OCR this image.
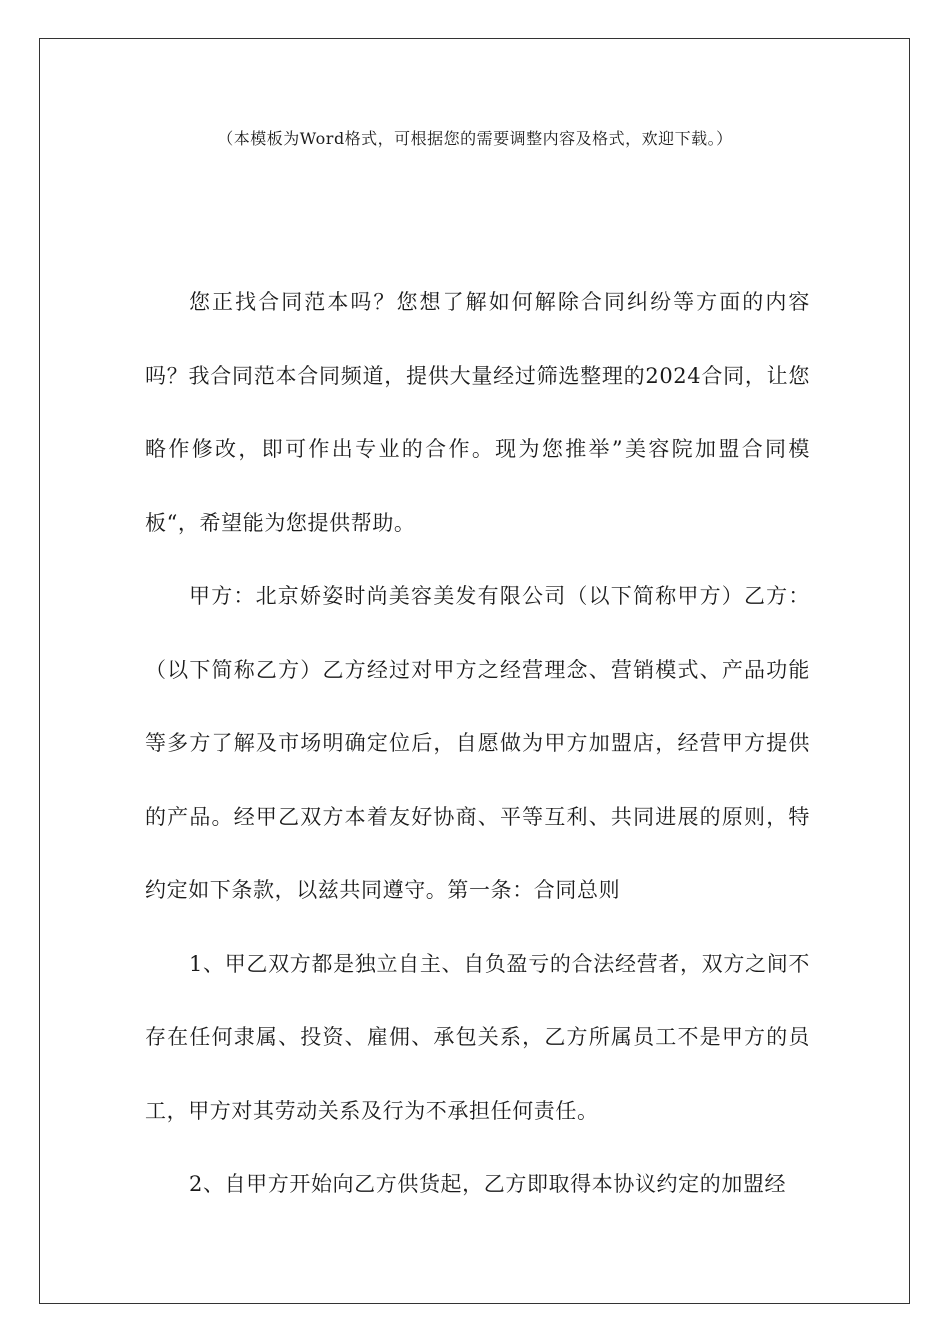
（本模板为Word格式，可根据您的需要调整内容及格式，欢迎下载。）

您正找合同范本吗？您想了解如何解除合同纠纷等方面的内容吗？我合同范本合同频道，提供大量经过筛选整理的2024合同，让您略作修改，即可作出专业的合作。现为您推举”美容院加盟合同模板“，希望能为您提供帮助。

甲方：北京娇姿时尚美容美发有限公司（以下简称甲方）乙方：（以下简称乙方）乙方经过对甲方之经营理念、营销模式、产品功能等多方了解及市场明确定位后，自愿做为甲方加盟店，经营甲方提供的产品。经甲乙双方本着友好协商、平等互利、共同进展的原则，特约定如下条款，以兹共同遵守。第一条：合同总则

1、甲乙双方都是独立自主、自负盈亏的合法经营者，双方之间不存在任何隶属、投资、雇佣、承包关系，乙方所属员工不是甲方的员工，甲方对其劳动关系及行为不承担任何责任。

2、自甲方开始向乙方供货起，乙方即取得本协议约定的加盟经
